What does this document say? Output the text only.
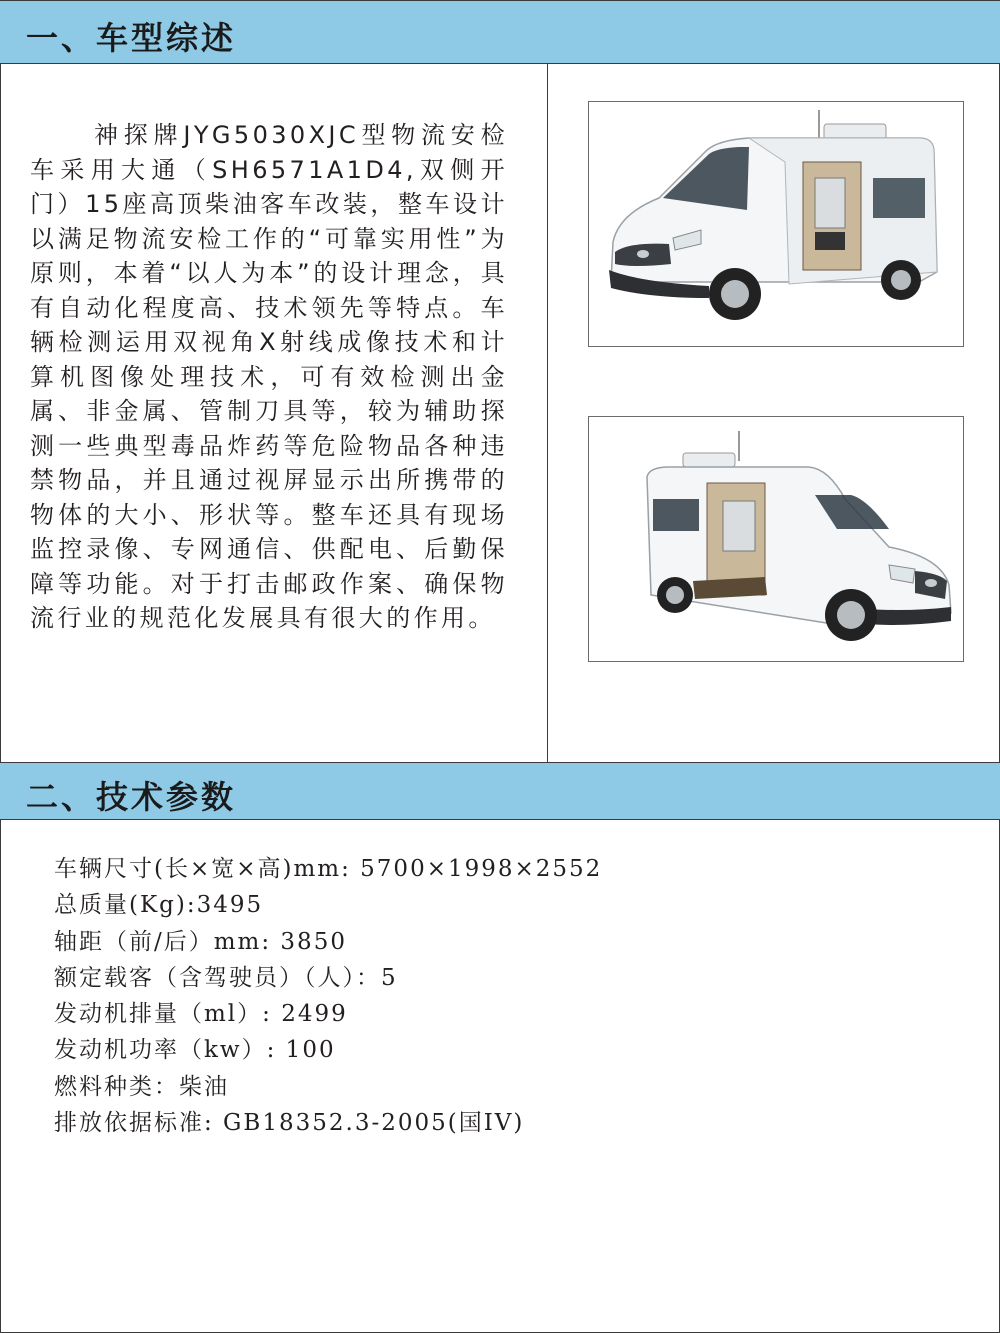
一、车型综述
神探牌JYG5030XJC型物流安检车采用大通（SH6571A1D4,双侧开门）15座高顶柴油客车改装，整车设计以满足物流安检工作的“可靠实用性”为原则，本着“以人为本”的设计理念，具有自动化程度高、技术领先等特点。车辆检测运用双视角X射线成像技术和计算机图像处理技术，可有效检测出金属、非金属、管制刀具等，较为辅助探测一些典型毒品炸药等危险物品各种违禁物品，并且通过视屏显示出所携带的物体的大小、形状等。整车还具有现场监控录像、专网通信、供配电、后勤保障等功能。对于打击邮政作案、确保物流行业的规范化发展具有很大的作用。
二、技术参数
车辆尺寸(长×宽×高)mm: 5700×1998×2552
总质量(Kg):3495
轴距（前/后）mm: 3850
额定载客（含驾驶员）（人）：5
发动机排量（ml）: 2499
发动机功率（kw）: 100
燃料种类：柴油
排放依据标准: GB18352.3-2005(国IV)
